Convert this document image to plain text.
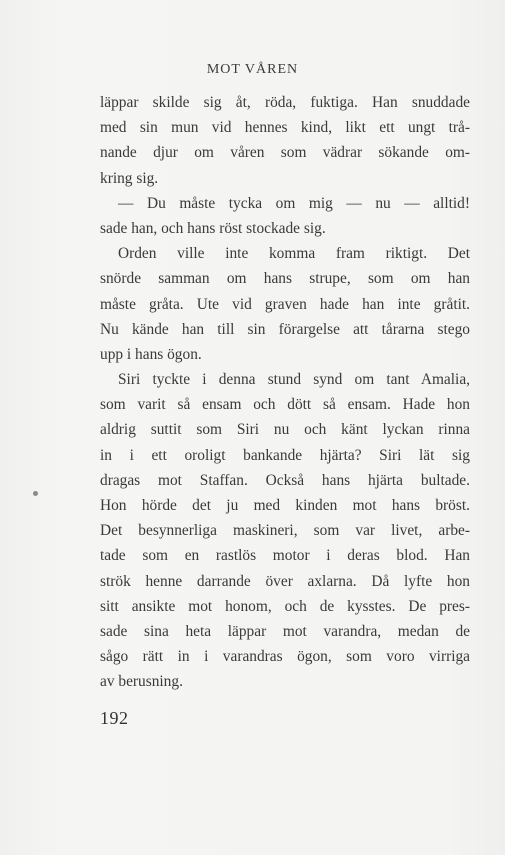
MOT VÅREN
läppar skilde sig åt, röda, fuktiga. Han snuddade
med sin mun vid hennes kind, likt ett ungt trå-
nande djur om våren som vädrar sökande om-
kring sig.
— Du måste tycka om mig — nu — alltid!
sade han, och hans röst stockade sig.
Orden ville inte komma fram riktigt. Det
snörde samman om hans strupe, som om han
måste gråta. Ute vid graven hade han inte gråtit.
Nu kände han till sin förargelse att tårarna stego
upp i hans ögon.
Siri tyckte i denna stund synd om tant Amalia,
som varit så ensam och dött så ensam. Hade hon
aldrig suttit som Siri nu och känt lyckan rinna
in i ett oroligt bankande hjärta? Siri lät sig
dragas mot Staffan. Också hans hjärta bultade.
Hon hörde det ju med kinden mot hans bröst.
Det besynnerliga maskineri, som var livet, arbe-
tade som en rastlös motor i deras blod. Han
strök henne darrande över axlarna. Då lyfte hon
sitt ansikte mot honom, och de kysstes. De pres-
sade sina heta läppar mot varandra, medan de
sågo rätt in i varandras ögon, som voro virriga
av berusning.
192
